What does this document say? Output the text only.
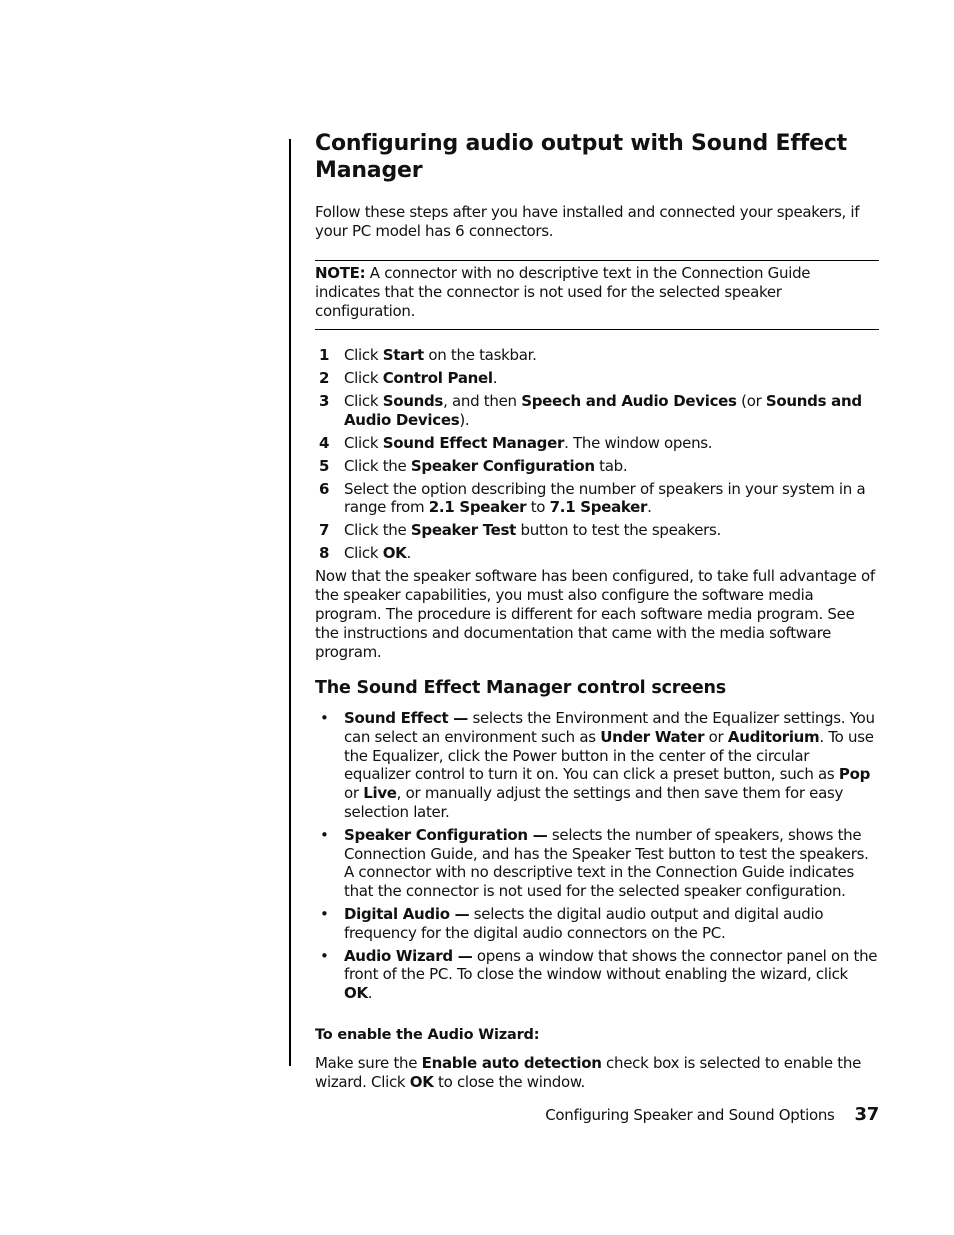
Configuring audio output with Sound Effect Manager

Follow these steps after you have installed and connected your speakers, if your PC model has 6 connectors.

NOTE: A connector with no descriptive text in the Connection Guide indicates that the connector is not used for the selected speaker configuration.

1 Click Start on the taskbar.
2 Click Control Panel.
3 Click Sounds, and then Speech and Audio Devices (or Sounds and Audio Devices).
4 Click Sound Effect Manager. The window opens.
5 Click the Speaker Configuration tab.
6 Select the option describing the number of speakers in your system in a range from 2.1 Speaker to 7.1 Speaker.
7 Click the Speaker Test button to test the speakers.
8 Click OK.

Now that the speaker software has been configured, to take full advantage of the speaker capabilities, you must also configure the software media program. The procedure is different for each software media program. See the instructions and documentation that came with the media software program.

The Sound Effect Manager control screens
• Sound Effect — selects the Environment and the Equalizer settings. You can select an environment such as Under Water or Auditorium. To use the Equalizer, click the Power button in the center of the circular equalizer control to turn it on. You can click a preset button, such as Pop or Live, or manually adjust the settings and then save them for easy selection later.
• Speaker Configuration — selects the number of speakers, shows the Connection Guide, and has the Speaker Test button to test the speakers. A connector with no descriptive text in the Connection Guide indicates that the connector is not used for the selected speaker configuration.
• Digital Audio — selects the digital audio output and digital audio frequency for the digital audio connectors on the PC.
• Audio Wizard — opens a window that shows the connector panel on the front of the PC. To close the window without enabling the wizard, click OK.
To enable the Audio Wizard:

Make sure the Enable auto detection check box is selected to enable the wizard. Click OK to close the window.

Configuring Speaker and Sound Options 37
